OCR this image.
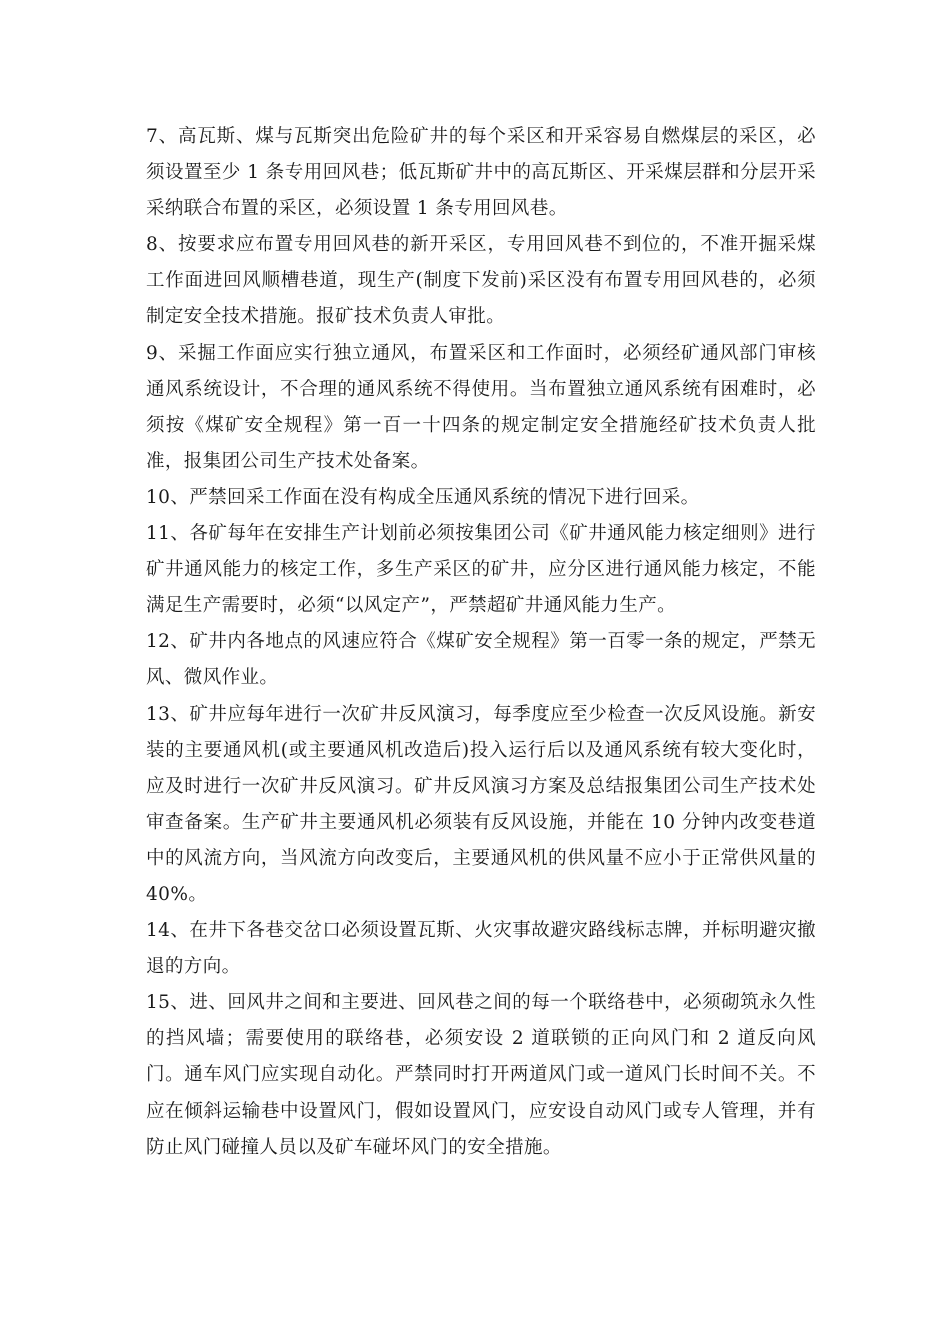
7、高瓦斯、煤与瓦斯突出危险矿井的每个采区和开采容易自燃煤层的采区，必须设置至少 1 条专用回风巷；低瓦斯矿井中的高瓦斯区、开采煤层群和分层开采采纳联合布置的采区，必须设置 1 条专用回风巷。

8、按要求应布置专用回风巷的新开采区，专用回风巷不到位的，不准开掘采煤工作面进回风顺槽巷道，现生产(制度下发前)采区没有布置专用回风巷的，必须制定安全技术措施。报矿技术负责人审批。

9、采掘工作面应实行独立通风，布置采区和工作面时，必须经矿通风部门审核通风系统设计，不合理的通风系统不得使用。当布置独立通风系统有困难时，必须按《煤矿安全规程》第一百一十四条的规定制定安全措施经矿技术负责人批准，报集团公司生产技术处备案。

10、严禁回采工作面在没有构成全压通风系统的情况下进行回采。

11、各矿每年在安排生产计划前必须按集团公司《矿井通风能力核定细则》进行矿井通风能力的核定工作，多生产采区的矿井，应分区进行通风能力核定，不能满足生产需要时，必须“以风定产”，严禁超矿井通风能力生产。

12、矿井内各地点的风速应符合《煤矿安全规程》第一百零一条的规定，严禁无风、微风作业。

13、矿井应每年进行一次矿井反风演习，每季度应至少检查一次反风设施。新安装的主要通风机(或主要通风机改造后)投入运行后以及通风系统有较大变化时，应及时进行一次矿井反风演习。矿井反风演习方案及总结报集团公司生产技术处审查备案。生产矿井主要通风机必须装有反风设施，并能在 10 分钟内改变巷道中的风流方向，当风流方向改变后，主要通风机的供风量不应小于正常供风量的 40%。

14、在井下各巷交岔口必须设置瓦斯、火灾事故避灾路线标志牌，并标明避灾撤退的方向。

15、进、回风井之间和主要进、回风巷之间的每一个联络巷中，必须砌筑永久性的挡风墙；需要使用的联络巷，必须安设 2 道联锁的正向风门和 2 道反向风门。通车风门应实现自动化。严禁同时打开两道风门或一道风门长时间不关。不应在倾斜运输巷中设置风门，假如设置风门，应安设自动风门或专人管理，并有防止风门碰撞人员以及矿车碰坏风门的安全措施。
